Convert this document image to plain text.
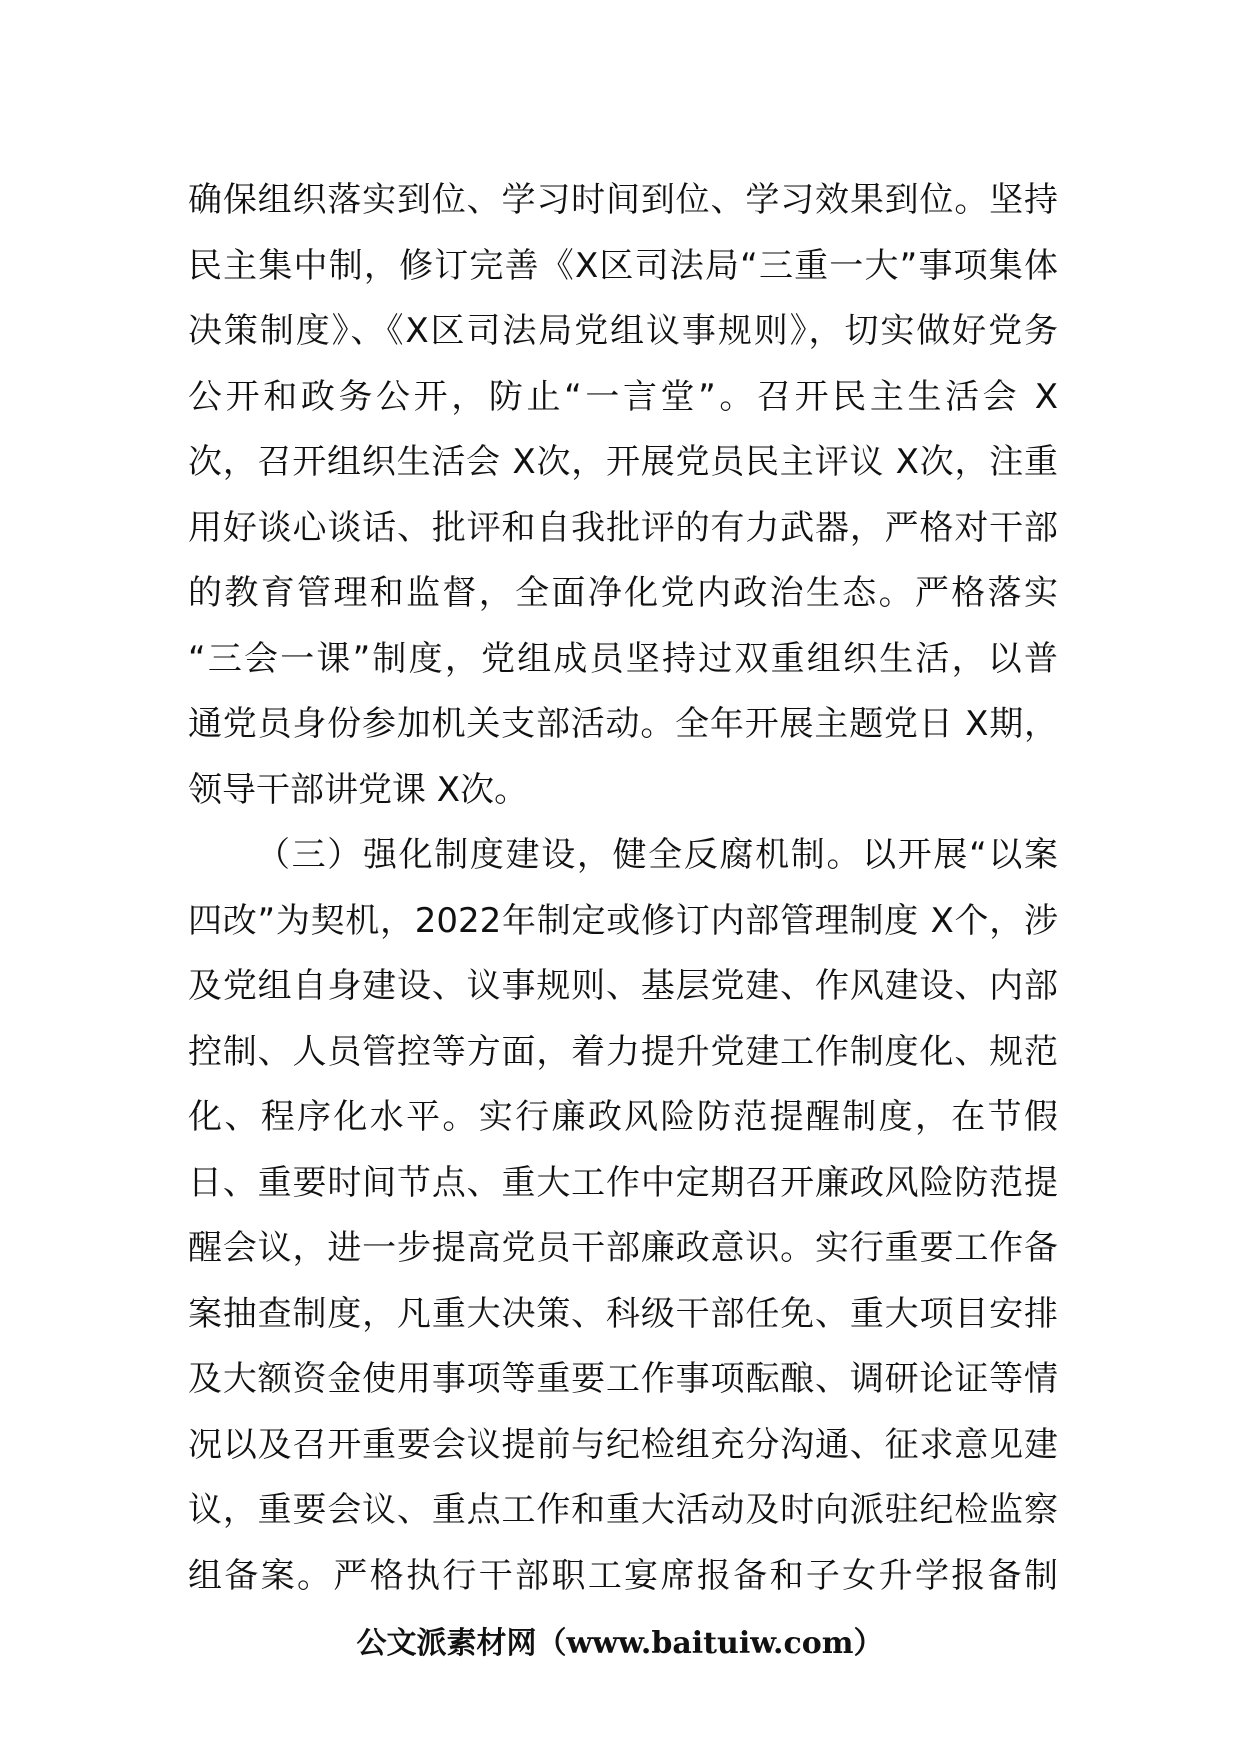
确保组织落实到位、学习时间到位、学习效果到位。坚持
民主集中制，修订完善《X区司法局“三重一大”事项集体
决策制度》、《X区司法局党组议事规则》，切实做好党务
公开和政务公开，防止“一言堂”。召开民主生活会 X
次，召开组织生活会 X次，开展党员民主评议 X次，注重
用好谈心谈话、批评和自我批评的有力武器，严格对干部
的教育管理和监督，全面净化党内政治生态。严格落实
“三会一课”制度，党组成员坚持过双重组织生活，以普
通党员身份参加机关支部活动。全年开展主题党日 X期，
领导干部讲党课 X次。
（三）强化制度建设，健全反腐机制。以开展“以案
四改”为契机，2022年制定或修订内部管理制度 X个，涉
及党组自身建设、议事规则、基层党建、作风建设、内部
控制、人员管控等方面，着力提升党建工作制度化、规范
化、程序化水平。实行廉政风险防范提醒制度，在节假
日、重要时间节点、重大工作中定期召开廉政风险防范提
醒会议，进一步提高党员干部廉政意识。实行重要工作备
案抽查制度，凡重大决策、科级干部任免、重大项目安排
及大额资金使用事项等重要工作事项酝酿、调研论证等情
况以及召开重要会议提前与纪检组充分沟通、征求意见建
议，重要会议、重点工作和重大活动及时向派驻纪检监察
组备案。严格执行干部职工宴席报备和子女升学报备制
公文派素材网（www.baituiw.com）
